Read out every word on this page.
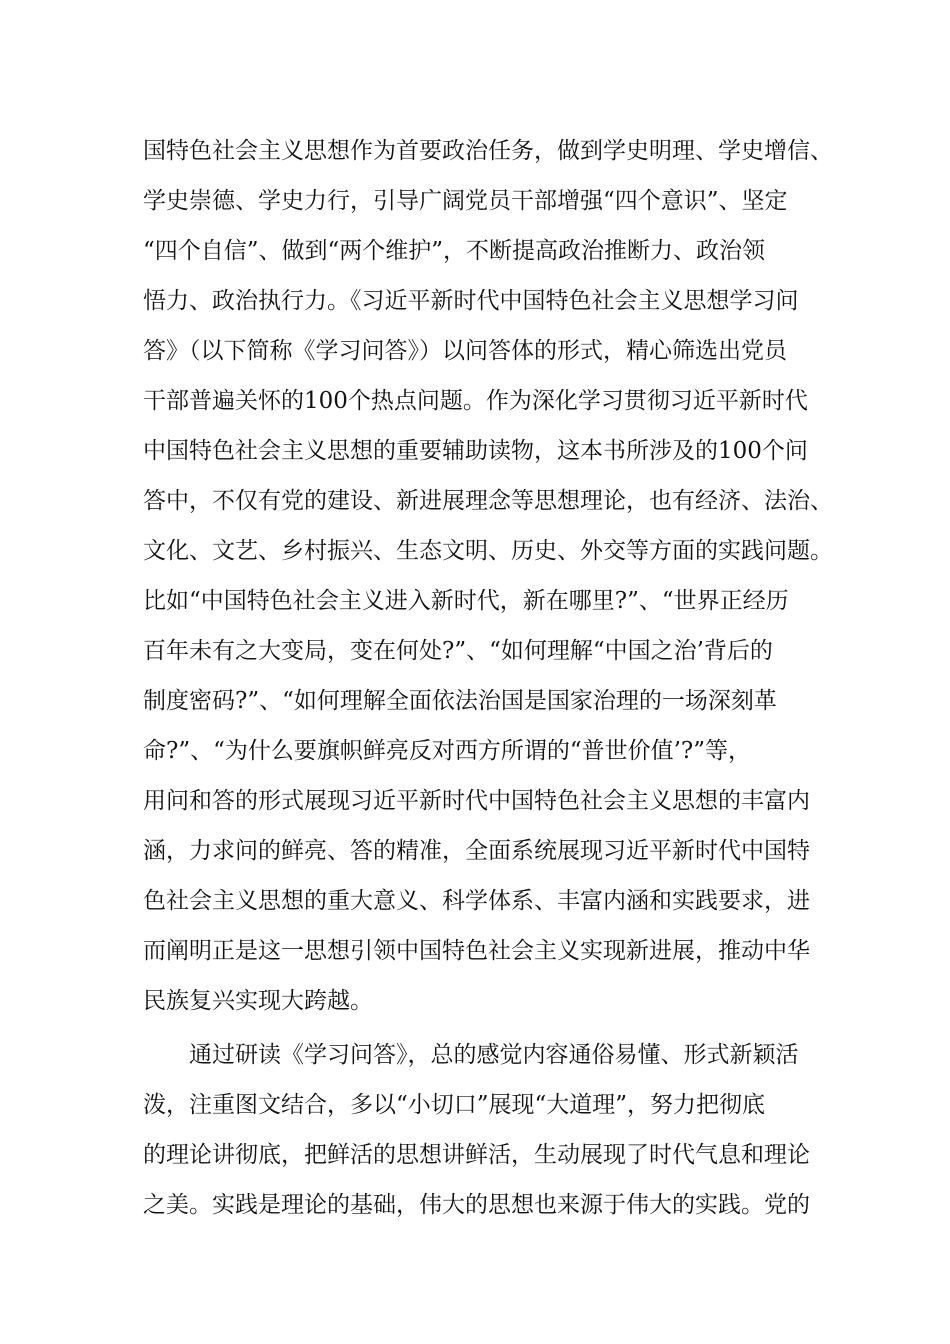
国特色社会主义思想作为首要政治任务，做到学史明理、学史增信、
学史崇德、学史力行，引导广阔党员干部增强“四个意识”、坚定
“四个自信”、做到“两个维护”，不断提高政治推断力、政治领
悟力、政治执行力。《习近平新时代中国特色社会主义思想学习问
答》（以下简称《学习问答》）以问答体的形式，精心筛选出党员
干部普遍关怀的100个热点问题。作为深化学习贯彻习近平新时代
中国特色社会主义思想的重要辅助读物，这本书所涉及的100个问
答中，不仅有党的建设、新进展理念等思想理论，也有经济、法治、
文化、文艺、乡村振兴、生态文明、历史、外交等方面的实践问题。
比如“中国特色社会主义进入新时代，新在哪里?”、“世界正经历
百年未有之大变局，变在何处?”、“如何理解“中国之治’背后的
制度密码?”、“如何理解全面依法治国是国家治理的一场深刻革
命?”、“为什么要旗帜鲜亮反对西方所谓的“普世价值’?”等，
用问和答的形式展现习近平新时代中国特色社会主义思想的丰富内
涵，力求问的鲜亮、答的精准，全面系统展现习近平新时代中国特
色社会主义思想的重大意义、科学体系、丰富内涵和实践要求，进
而阐明正是这一思想引领中国特色社会主义实现新进展，推动中华
民族复兴实现大跨越。
通过研读《学习问答》，总的感觉内容通俗易懂、形式新颖活
泼，注重图文结合，多以“小切口”展现“大道理”，努力把彻底
的理论讲彻底，把鲜活的思想讲鲜活，生动展现了时代气息和理论
之美。实践是理论的基础，伟大的思想也来源于伟大的实践。党的
